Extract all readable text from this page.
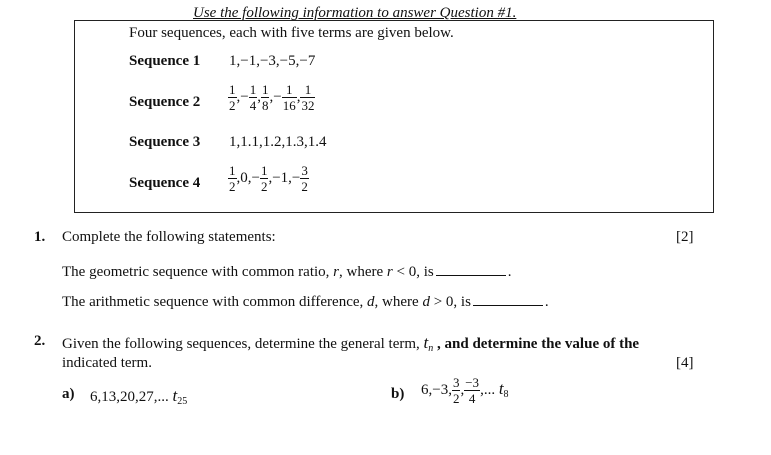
Use the following information to answer Question #1.
Four sequences, each with five terms are given below.
Sequence 1 1,−1,−3,−5,−7
Sequence $2 \frac{1}{2}$ ,− $\frac{1}{4}$ , $\frac{1}{8}$ ,− $\frac{1}{16}$ , $\frac{1}{32}$
Sequence 3 1,1.1,1.2,1.3,1.4
Sequence $4 \frac{1}{2} ,0,- \frac{1}{2} ,-1,- \frac{3}{2}$
1. Complete the following statements:	[2]
The geometric sequence with common ratio, r, where r < 0, is	.
The arithmetic sequence with common difference, d, where d > 0, is	.
2. Given the following sequences, determine the general term, $t_n$ , and determine the value of the
indicated term.	[4]
a) 6,13,20,27,... $t_{25}$	b) 6,−3, $\frac{3}{2}$ , $\frac{-3}{4}$ ,... $t_8$
